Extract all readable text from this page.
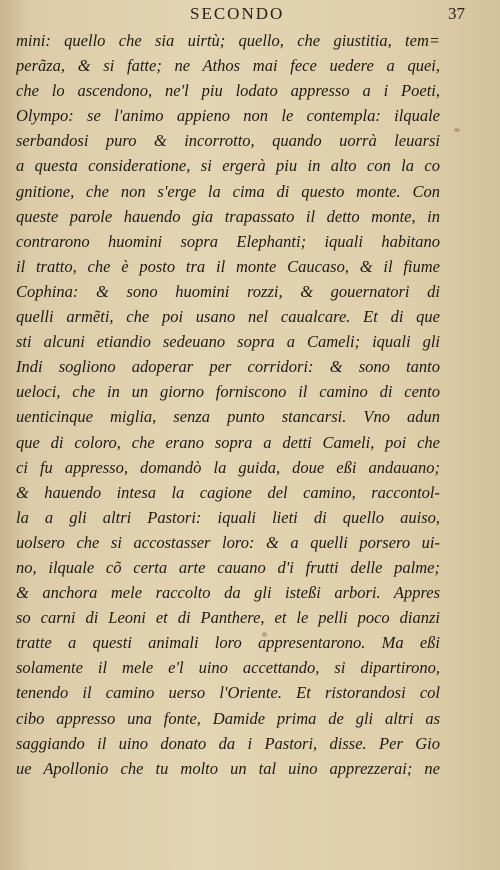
SECONDO	37
mini: quello che sia uirtù; quello, che giustitia, tem=
perãza, & si fatte; ne Athos mai fece uedere a quei,
che lo ascendono, ne'l piu lodato appresso a i Poeti,
Olympo: se l'animo appieno non le contempla: ilquale
serbandosi puro & incorrotto, quando uorrà leuarsi
a questa consideratione, si ergerà piu in alto con la co
gnitione, che non s'erge la cima di questo monte. Con
queste parole hauendo gia trapassato il detto monte, in
contrarono huomini sopra Elephanti; iquali habitano
il tratto, che è posto tra il monte Caucaso, & il fiume
Cophina: & sono huomini rozzi, & gouernatori di
quelli armẽti, che poi usano nel caualcare. Et di que
sti alcuni etiandio sedeuano sopra a Cameli; iquali gli
Indi sogliono adoperar per corridori: & sono tanto
ueloci, che in un giorno forniscono il camino di cento
uenticinque miglia, senza punto stancarsi. Vno adun
que di coloro, che erano sopra a detti Cameli, poi che
ci fu appresso, domandò la guida, doue eßi andauano;
& hauendo intesa la cagione del camino, raccontol-
la a gli altri Pastori: iquali lieti di quello auiso,
uolsero che si accostasser loro: & a quelli porsero ui-
no, ilquale cõ certa arte cauano d'i frutti delle palme;
& anchora mele raccolto da gli isteßi arbori. Appres
so carni di Leoni et di Panthere, et le pelli poco dianzi
tratte a questi animali loro appresentarono. Ma eßi
solamente il mele e'l uino accettando, si dipartirono,
tenendo il camino uerso l'Oriente. Et ristorandosi col
cibo appresso una fonte, Damide prima de gli altri as
saggiando il uino donato da i Pastori, disse. Per Gio
ue Apollonio che tu molto un tal uino apprezzerai; ne
